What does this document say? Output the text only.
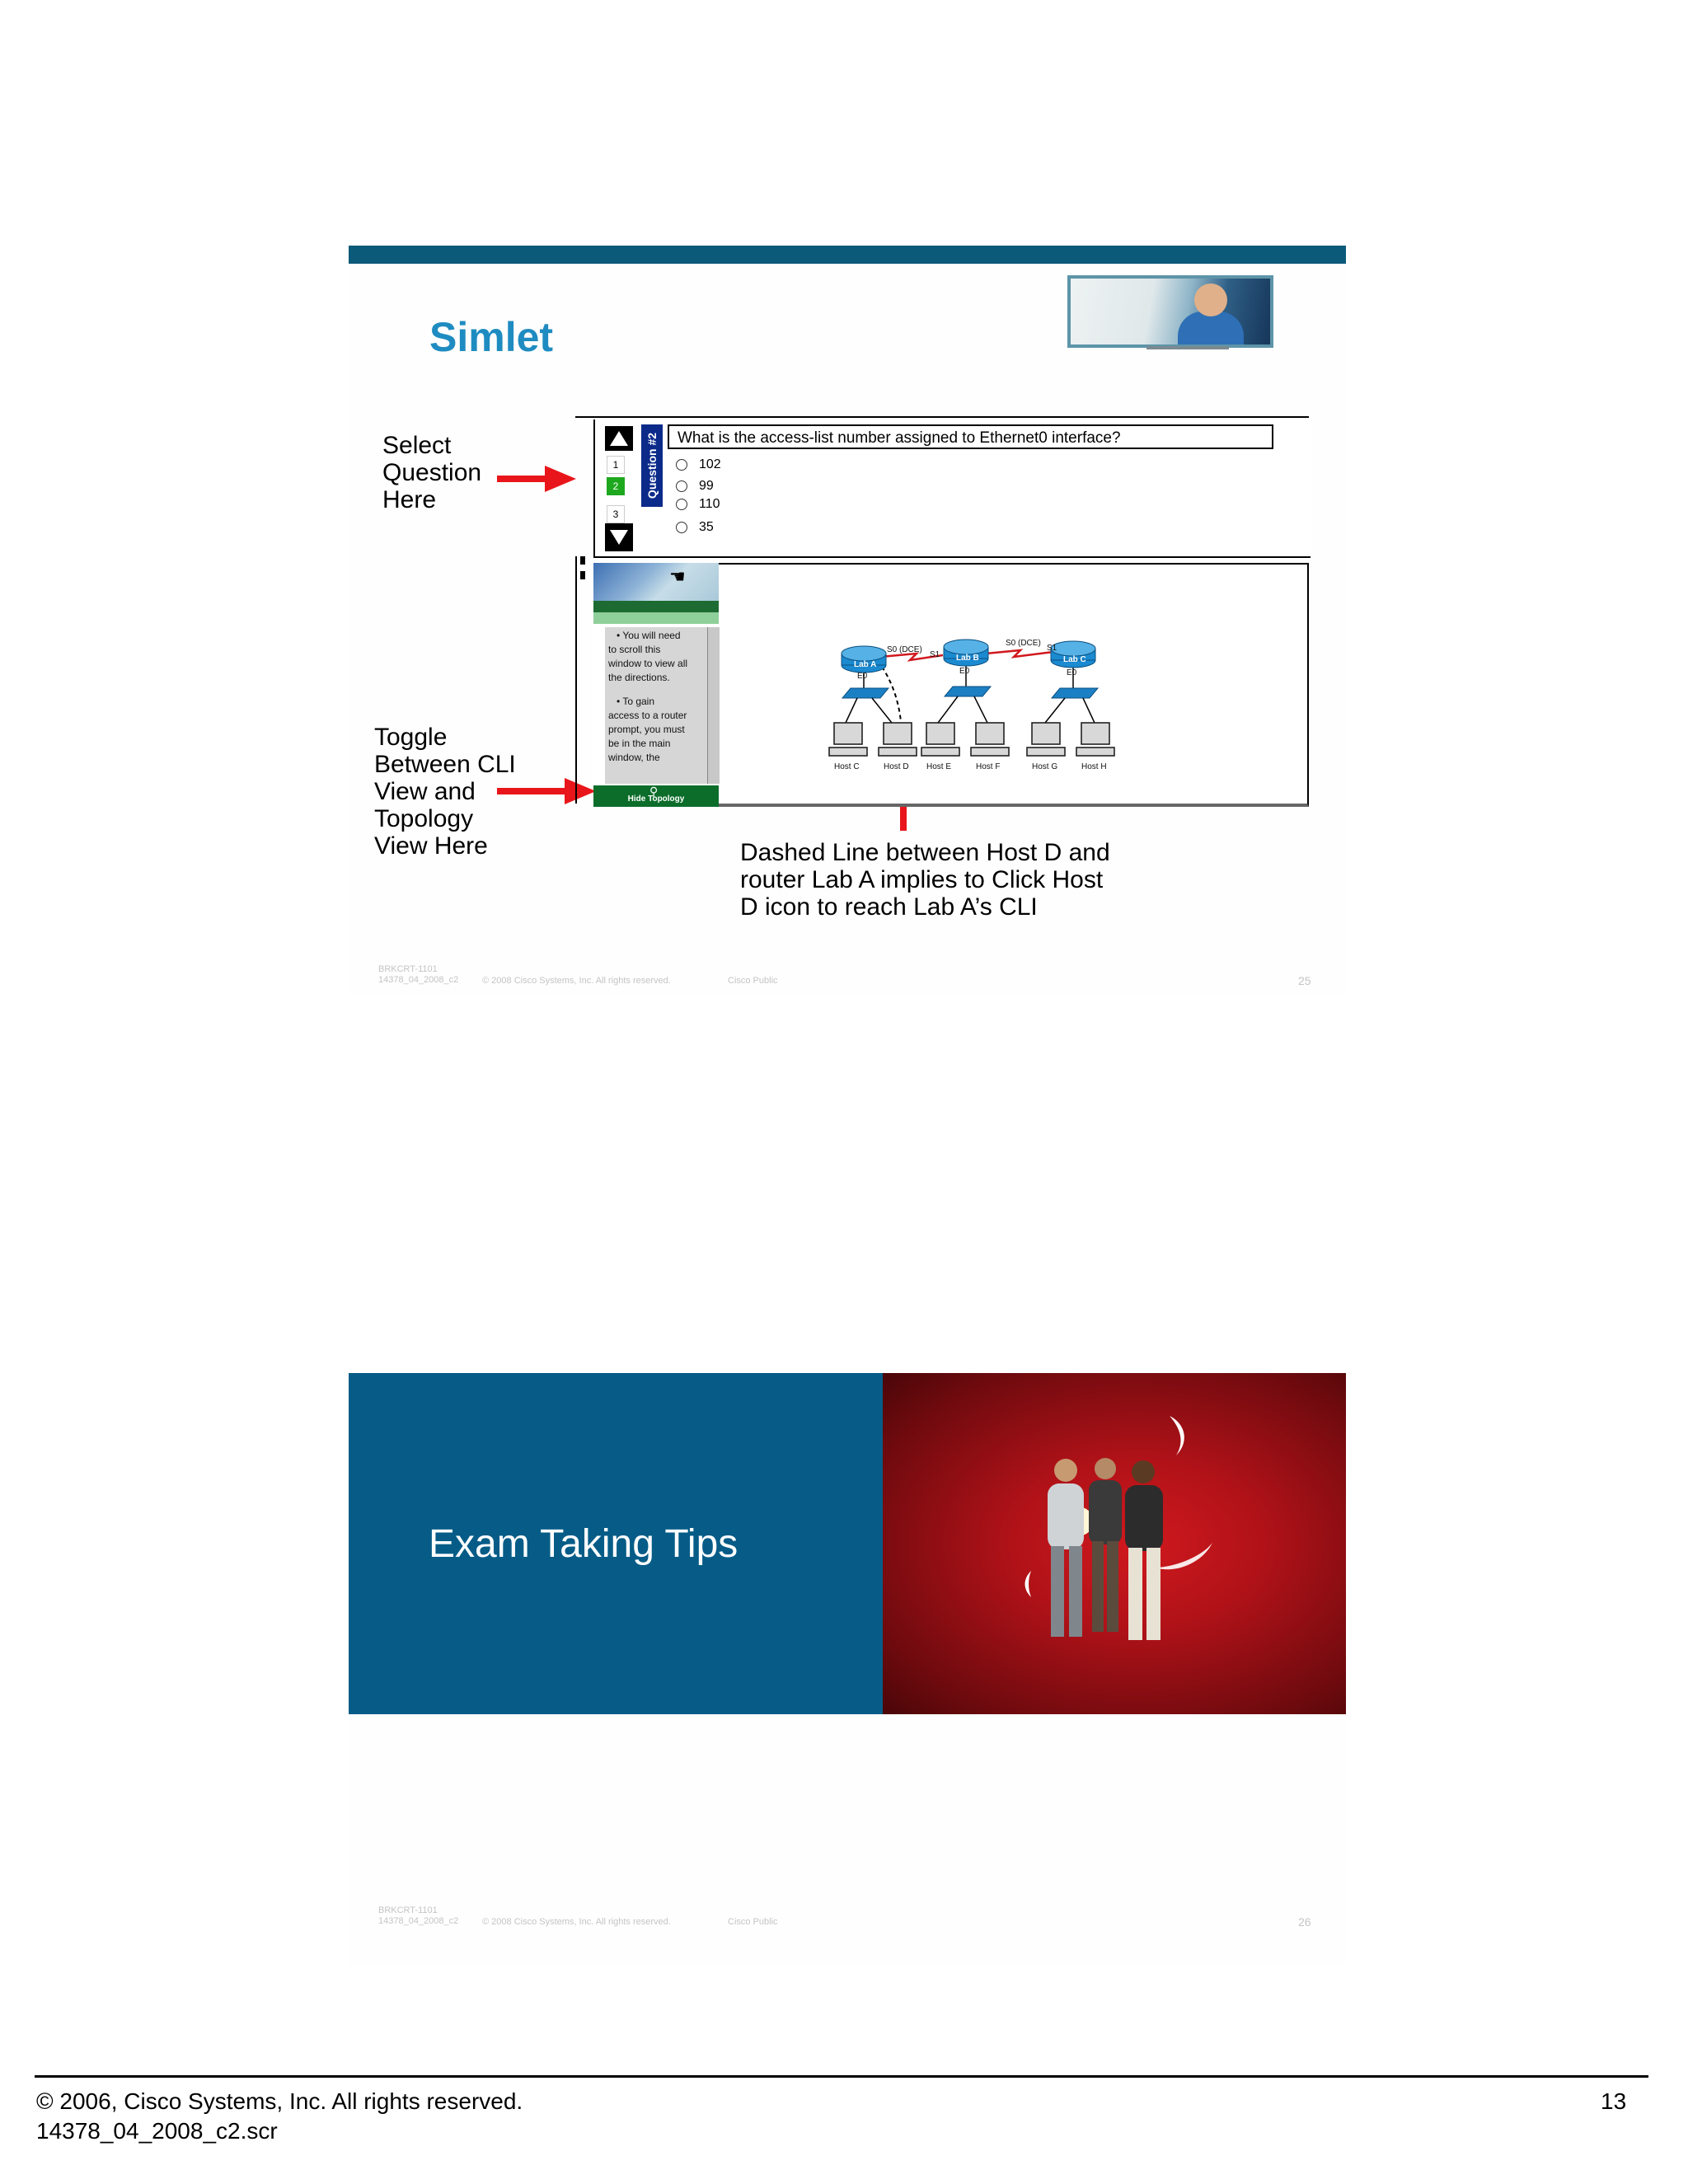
Simlet
Select
Question
Here
Toggle
Between CLI
View and
Topology
View Here	Dashed Line between Host D and
router Lab A implies to Click Host
D icon to reach Lab A’s CLI
1
2
3
Question #2	What is the access-list number assigned to Ethernet0 interface?
102
99
110
35
☚
• You will need
to scroll this
window to view all
the directions.
• To gain
access to a router
prompt, you must
be in the main
window, the
⚲
Hide Topology
Lab A
Lab B	Lab C
S0 (DCE)
S1
S0 (DCE)
S1
E0
E0	E0
Host C	Host D Host E	Host F	Host G	Host H
BRKCRT-1101
14378_04_2008_c2	© 2008 Cisco Systems, Inc. All rights reserved.	Cisco Public	25
Exam Taking Tips
BRKCRT-1101
14378_04_2008_c2	© 2008 Cisco Systems, Inc. All rights reserved.	Cisco Public	26
© 2006, Cisco Systems, Inc. All rights reserved.
14378_04_2008_c2.scr
13
